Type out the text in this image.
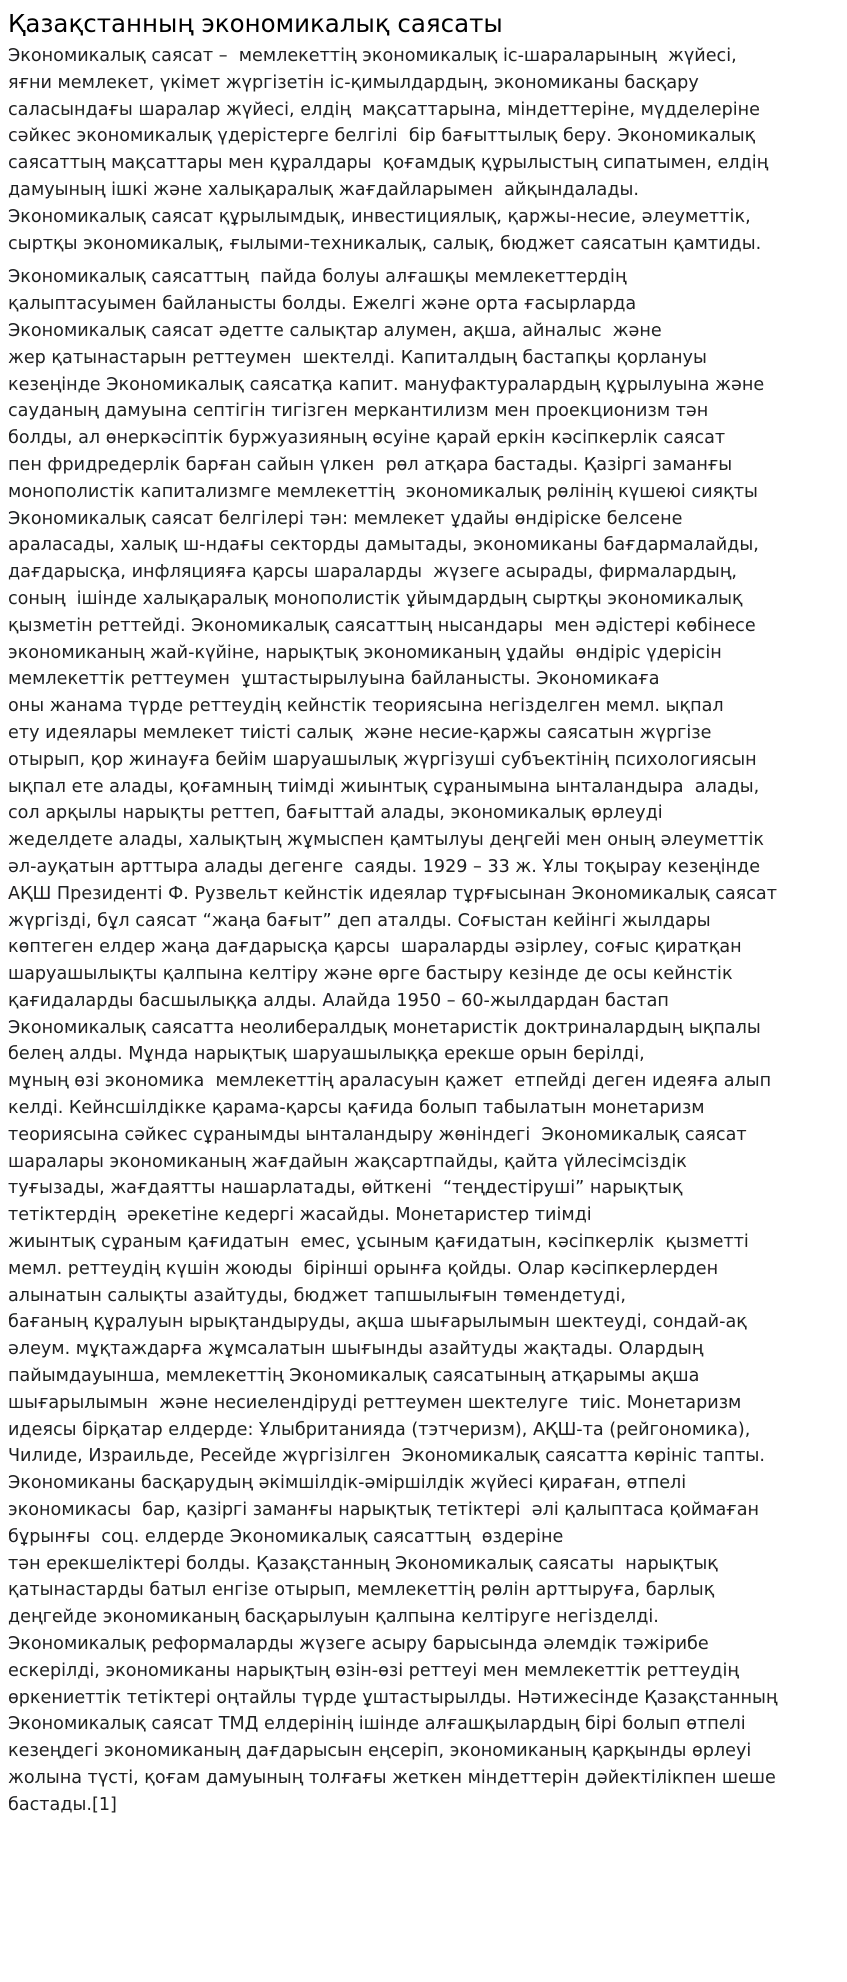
Қазақстанның экономикалық саясаты
Экономикалық саясат –  мемлекеттің экономикалық іс-шараларының  жүйесі,
яғни мемлекет, үкімет жүргізетін іс-қимылдардың, экономиканы басқару
саласындағы шаралар жүйесі, елдің  мақсаттарына, міндеттеріне, мүдделеріне
сәйкес экономикалық үдерістерге белгілі  бір бағыттылық беру. Экономикалық
саясаттың мақсаттары мен құралдары  қоғамдық құрылыстың сипатымен, елдің
дамуының ішкі және халықаралық жағдайларымен  айқындалады.
Экономикалық саясат құрылымдық, инвестициялық, қаржы-несие, әлеуметтік,
сыртқы экономикалық, ғылыми-техникалық, салық, бюджет саясатын қамтиды.
Экономикалық саясаттың  пайда болуы алғашқы мемлекеттердің
қалыптасуымен байланысты болды. Ежелгі және орта ғасырларда
Экономикалық саясат әдетте салықтар алумен, ақша, айналыс  және
жер қатынастарын реттеумен  шектелді. Капиталдың бастапқы қорлануы
кезеңінде Экономикалық саясатқа капит. мануфактуралардың құрылуына және
сауданың дамуына септігін тигізген меркантилизм мен проекционизм тән
болды, ал өнеркәсіптік буржуазияның өсуіне қарай еркін кәсіпкерлік саясат
пен фридредерлік барған сайын үлкен  рөл атқара бастады. Қазіргі заманғы
монополистік капитализмге мемлекеттің  экономикалық рөлінің күшеюі сияқты
Экономикалық саясат белгілері тән: мемлекет ұдайы өндіріске белсене
араласады, халық ш-ндағы секторды дамытады, экономиканы бағдармалайды,
дағдарысқа, инфляцияға қарсы шараларды  жүзеге асырады, фирмалардың,
соның  ішінде халықаралық монополистік ұйымдардың сыртқы экономикалық
қызметін реттейді. Экономикалық саясаттың нысандары  мен әдістері көбінесе
экономиканың жай-күйіне, нарықтық экономиканың ұдайы  өндіріс үдерісін
мемлекеттік реттеумен  ұштастырылуына байланысты. Экономикаға
оны жанама түрде реттеудің кейнстік теориясына негізделген мемл. ықпал
ету идеялары мемлекет тиісті салық  және несие-қаржы саясатын жүргізе
отырып, қор жинауға бейім шаруашылық жүргізуші субъектінің психологиясын
ықпал ете алады, қоғамның тиімді жиынтық сұранымына ынталандыра  алады,
сол арқылы нарықты реттеп, бағыттай алады, экономикалық өрлеуді
жеделдете алады, халықтың жұмыспен қамтылуы деңгейі мен оның әлеуметтік
әл-ауқатын арттыра алады дегенге  саяды. 1929 – 33 ж. Ұлы тоқырау кезеңінде
АҚШ Президенті Ф. Рузвельт кейнстік идеялар тұрғысынан Экономикалық саясат
жүргізді, бұл саясат “жаңа бағыт” деп аталды. Соғыстан кейінгі жылдары
көптеген елдер жаңа дағдарысқа қарсы  шараларды әзірлеу, соғыс қиратқан
шаруашылықты қалпына келтіру және өрге бастыру кезінде де осы кейнстік
қағидаларды басшылыққа алды. Алайда 1950 – 60-жылдардан бастап
Экономикалық саясатта неолибералдық монетаристік доктриналардың ықпалы
белең алды. Мұнда нарықтық шаруашылыққа ерекше орын берілді,
мұның өзі экономика  мемлекеттің араласуын қажет  етпейді деген идеяға алып
келді. Кейнсшілдікке қарама-қарсы қағида болып табылатын монетаризм
теориясына сәйкес сұранымды ынталандыру жөніндегі  Экономикалық саясат
шаралары экономиканың жағдайын жақсартпайды, қайта үйлесімсіздік
туғызады, жағдаятты нашарлатады, өйткені  “теңдестіруші” нарықтық
тетіктердің  әрекетіне кедергі жасайды. Монетаристер тиімді
жиынтық сұраным қағидатын  емес, ұсыным қағидатын, кәсіпкерлік  қызметті
мемл. реттеудің күшін жоюды  бірінші орынға қойды. Олар кәсіпкерлерден
алынатын салықты азайтуды, бюджет тапшылығын төмендетуді,
бағаның құралуын ырықтандыруды, ақша шығарылымын шектеуді, сондай-ақ
әлеум. мұқтаждарға жұмсалатын шығынды азайтуды жақтады. Олардың
пайымдауынша, мемлекеттің Экономикалық саясатының атқарымы ақша
шығарылымын  және несиелендіруді реттеумен шектелуге  тиіс. Монетаризм
идеясы бірқатар елдерде: Ұлыбританияда (тэтчеризм), АҚШ-та (рейгономика),
Чилиде, Израильде, Ресейде жүргізілген  Экономикалық саясатта көрініс тапты.
Экономиканы басқарудың әкімшілдік-әміршілдік жүйесі қираған, өтпелі
экономикасы  бар, қазіргі заманғы нарықтық тетіктері  әлі қалыптаса қоймаған
бұрынғы  соц. елдерде Экономикалық саясаттың  өздеріне
тән ерекшеліктері болды. Қазақстанның Экономикалық саясаты  нарықтық
қатынастарды батыл енгізе отырып, мемлекеттің рөлін арттыруға, барлық
деңгейде экономиканың басқарылуын қалпына келтіруге негізделді.
Экономикалық реформаларды жүзеге асыру барысында әлемдік тәжірибе
ескерілді, экономиканы нарықтың өзін-өзі реттеуі мен мемлекеттік реттеудің
өркениеттік тетіктері оңтайлы түрде ұштастырылды. Нәтижесінде Қазақстанның
Экономикалық саясат ТМД елдерінің ішінде алғашқылардың бірі болып өтпелі
кезеңдегі экономиканың дағдарысын еңсеріп, экономиканың қарқынды өрлеуі
жолына түсті, қоғам дамуының толғағы жеткен міндеттерін дәйектілікпен шеше
бастады.[1]
